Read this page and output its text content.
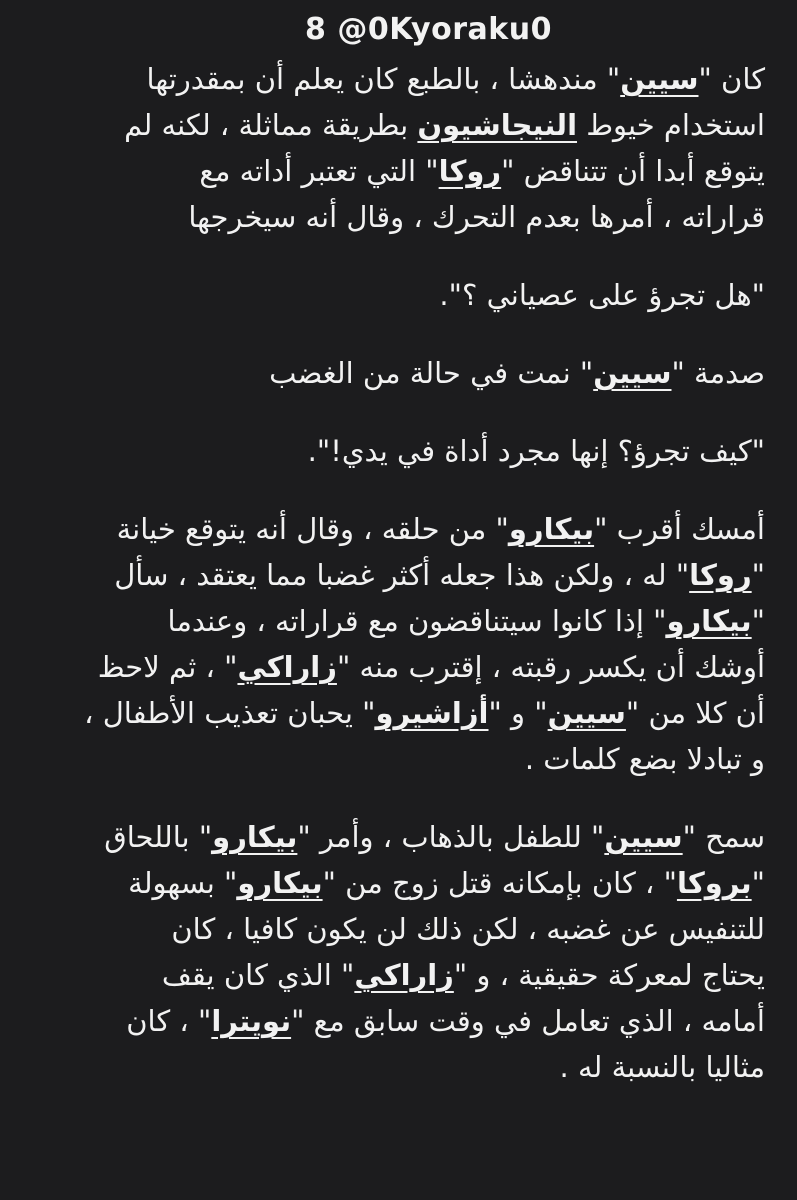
8 @0Kyoraku0
كان "سيين" مندهشا ، بالطبع كان يعلم أن بمقدرتها
استخدام خيوط النيجاشيون بطريقة مماثلة ، لكنه لم
يتوقع أبدا أن تتناقض "روكا" التي تعتبر أداته مع
قراراته ، أمرها بعدم التحرك ، وقال أنه سيخرجها
"هل تجرؤ على عصياني ؟".
صدمة "سيين" نمت في حالة من الغضب
"كيف تجرؤ؟ إنها مجرد أداة في يدي!".
أمسك أقرب "بيكارو" من حلقه ، وقال أنه يتوقع خيانة
"روكا" له ، ولكن هذا جعله أكثر غضبا مما يعتقد ، سأل
"بيكارو" إذا كانوا سيتناقضون مع قراراته ، وعندما
أوشك أن يكسر رقبته ، إقترب منه "زاراكي" ، ثم لاحظ
أن كلا من "سيين" و "أزاشيرو" يحبان تعذيب الأطفال ،
و تبادلا بضع كلمات .
سمح "سيين" للطفل بالذهاب ، وأمر "بيكارو" باللحاق
"بروكا" ، كان بإمكانه قتل زوج من "بيكارو" بسهولة
للتنفيس عن غضبه ، لكن ذلك لن يكون كافيا ، كان
يحتاج لمعركة حقيقية ، و "زاراكي" الذي كان يقف
أمامه ، الذي تعامل في وقت سابق مع "نويترا" ، كان
مثاليا بالنسبة له .
